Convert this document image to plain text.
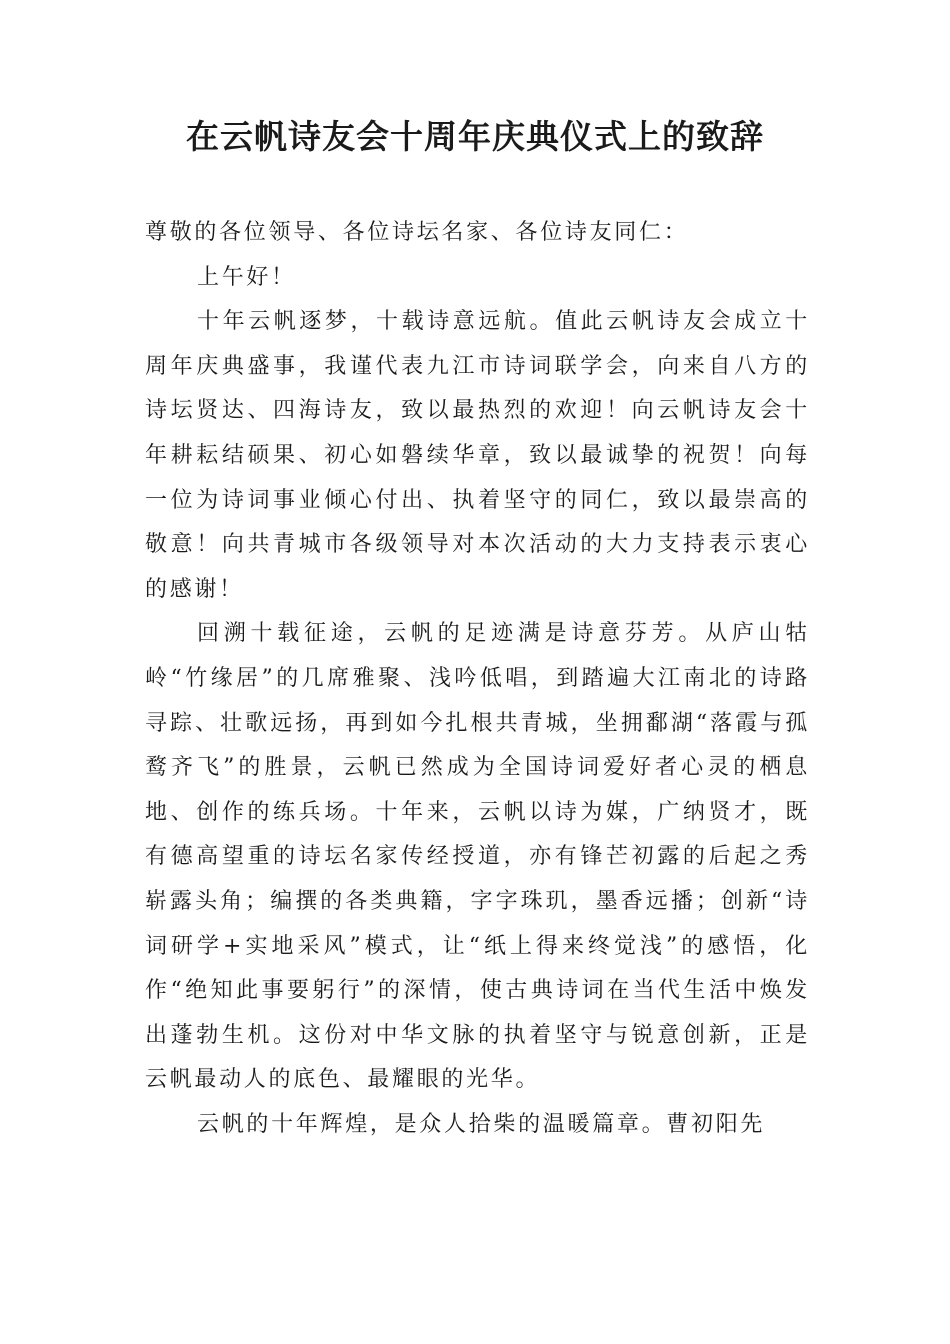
在云帆诗友会十周年庆典仪式上的致辞

尊敬的各位领导、各位诗坛名家、各位诗友同仁：

上午好！

十年云帆逐梦，十载诗意远航。值此云帆诗友会成立十周年庆典盛事，我谨代表九江市诗词联学会，向来自八方的诗坛贤达、四海诗友，致以最热烈的欢迎！向云帆诗友会十年耕耘结硕果、初心如磐续华章，致以最诚挚的祝贺！向每一位为诗词事业倾心付出、执着坚守的同仁，致以最崇高的敬意！向共青城市各级领导对本次活动的大力支持表示衷心的感谢！

回溯十载征途，云帆的足迹满是诗意芬芳。从庐山牯岭“竹缘居”的几席雅聚、浅吟低唱，到踏遍大江南北的诗路寻踪、壮歌远扬，再到如今扎根共青城，坐拥鄱湖“落霞与孤鹜齐飞”的胜景，云帆已然成为全国诗词爱好者心灵的栖息地、创作的练兵场。十年来，云帆以诗为媒，广纳贤才，既有德高望重的诗坛名家传经授道，亦有锋芒初露的后起之秀崭露头角；编撰的各类典籍，字字珠玑，墨香远播；创新“诗词研学+实地采风”模式，让“纸上得来终觉浅”的感悟，化作“绝知此事要躬行”的深情，使古典诗词在当代生活中焕发出蓬勃生机。这份对中华文脉的执着坚守与锐意创新，正是云帆最动人的底色、最耀眼的光华。

云帆的十年辉煌，是众人拾柴的温暖篇章。曹初阳先
